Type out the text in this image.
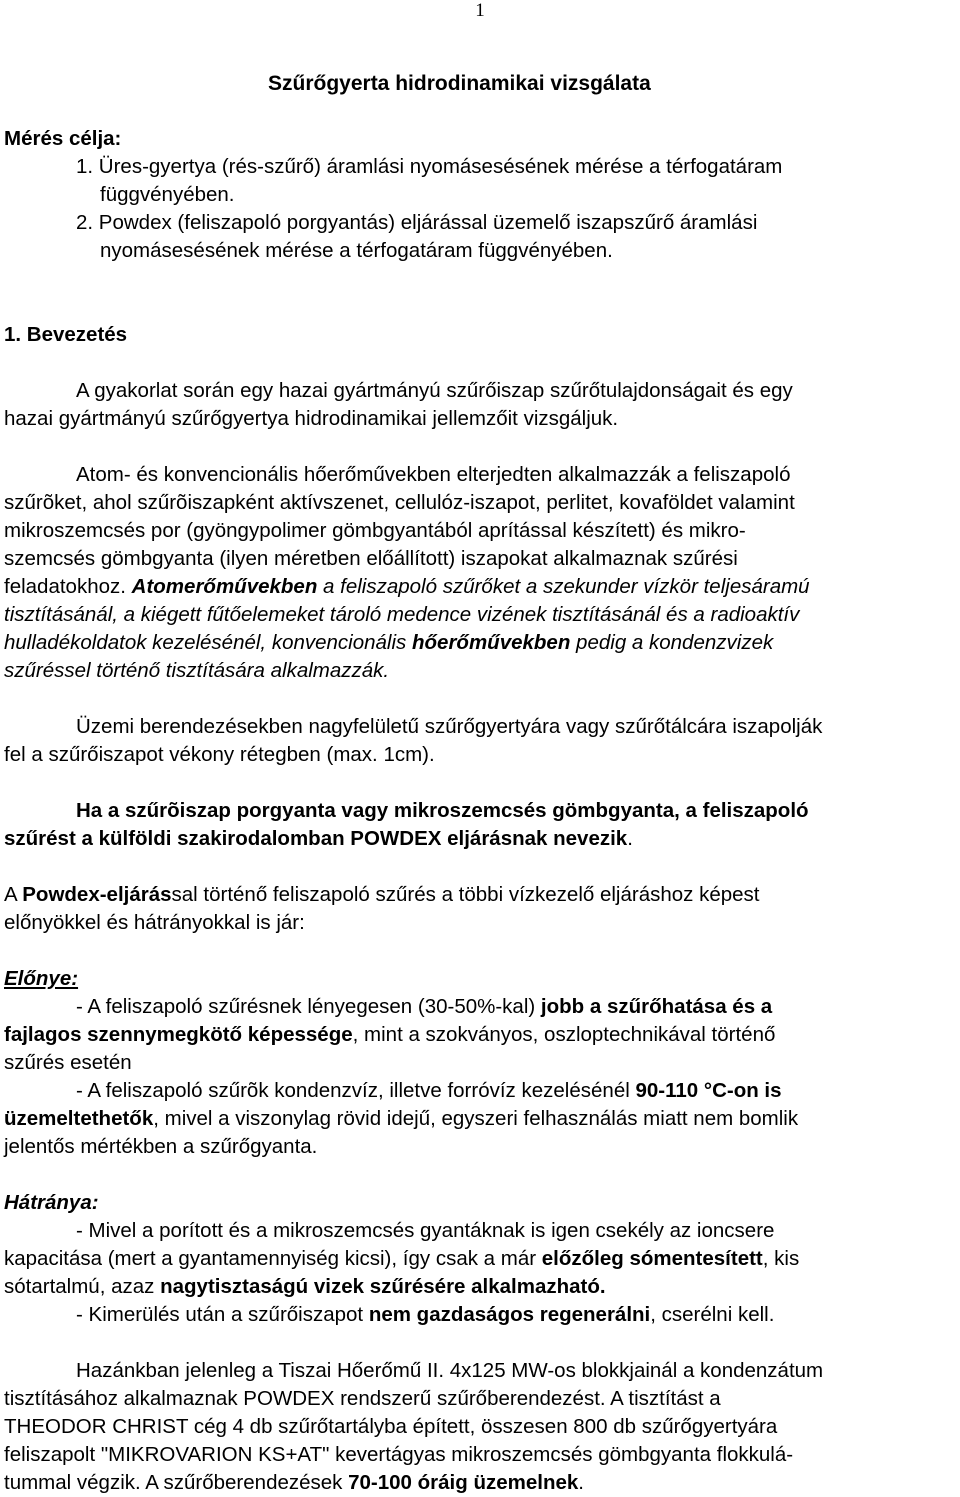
1
Szűrőgyerta hidrodinamikai vizsgálata
Mérés célja:
1. Üres-gyertya (rés-szűrő) áramlási nyomásesésének mérése a térfogatáram
függvényében.
2. Powdex (feliszapoló porgyantás) eljárással üzemelő iszapszűrő áramlási
nyomásesésének mérése a térfogatáram függvényében.
1. Bevezetés
A gyakorlat során egy hazai gyártmányú szűrőiszap szűrőtulajdonságait és egy
hazai gyártmányú szűrőgyertya hidrodinamikai jellemzőit vizsgáljuk.
Atom- és konvencionális hőerőművekben elterjedten alkalmazzák a feliszapoló
szűrõket, ahol szűrõiszapként aktívszenet, cellulóz-iszapot, perlitet, kovaföldet valamint
mikroszemcsés por (gyöngypolimer gömbgyantából aprítással készített) és mikro-
szemcsés gömbgyanta (ilyen méretben előállított) iszapokat alkalmaznak szűrési
feladatokhoz. Atomerőművekben a feliszapoló szűrőket a szekunder vízkör teljesáramú
tisztításánál, a kiégett fűtőelemeket tároló medence vizének tisztításánál és a radioaktív
hulladékoldatok kezelésénél, konvencionális hőerőművekben pedig a kondenzvizek
szűréssel történő tisztítására alkalmazzák.
Üzemi berendezésekben nagyfelületű szűrőgyertyára vagy szűrőtálcára iszapolják
fel a szűrőiszapot vékony rétegben (max. 1cm).
Ha a szűrõiszap porgyanta vagy mikroszemcsés gömbgyanta, a feliszapoló
szűrést a külföldi szakirodalomban POWDEX eljárásnak nevezik.
A Powdex-eljárással történő feliszapoló szűrés a többi vízkezelő eljáráshoz képest
előnyökkel és hátrányokkal is jár:
Előnye:
- A feliszapoló szűrésnek lényegesen (30-50%-kal) jobb a szűrőhatása és a
fajlagos szennymegkötő képessége, mint a szokványos, oszloptechnikával történő
szűrés esetén
- A feliszapoló szűrõk kondenzvíz, illetve forróvíz kezelésénél 90-110 °C-on is
üzemeltethetők, mivel a viszonylag rövid idejű, egyszeri felhasználás miatt nem bomlik
jelentős mértékben a szűrőgyanta.
Hátránya:
- Mivel a porított és a mikroszemcsés gyantáknak is igen csekély az ioncsere
kapacitása (mert a gyantamennyiség kicsi), így csak a már előzőleg sómentesített, kis
sótartalmú, azaz nagytisztaságú vizek szűrésére alkalmazható.
- Kimerülés után a szűrőiszapot nem gazdaságos regenerálni, cserélni kell.
Hazánkban jelenleg a Tiszai Hőerőmű II. 4x125 MW-os blokkjainál a kondenzátum
tisztításához alkalmaznak POWDEX rendszerű szűrőberendezést. A tisztítást a
THEODOR CHRIST cég 4 db szűrőtartályba épített, összesen 800 db szűrőgyertyára
feliszapolt "MIKROVARION KS+AT" kevertágyas mikroszemcsés gömbgyanta flokkulá-
tummal végzik. A szűrőberendezések 70-100 óráig üzemelnek.
